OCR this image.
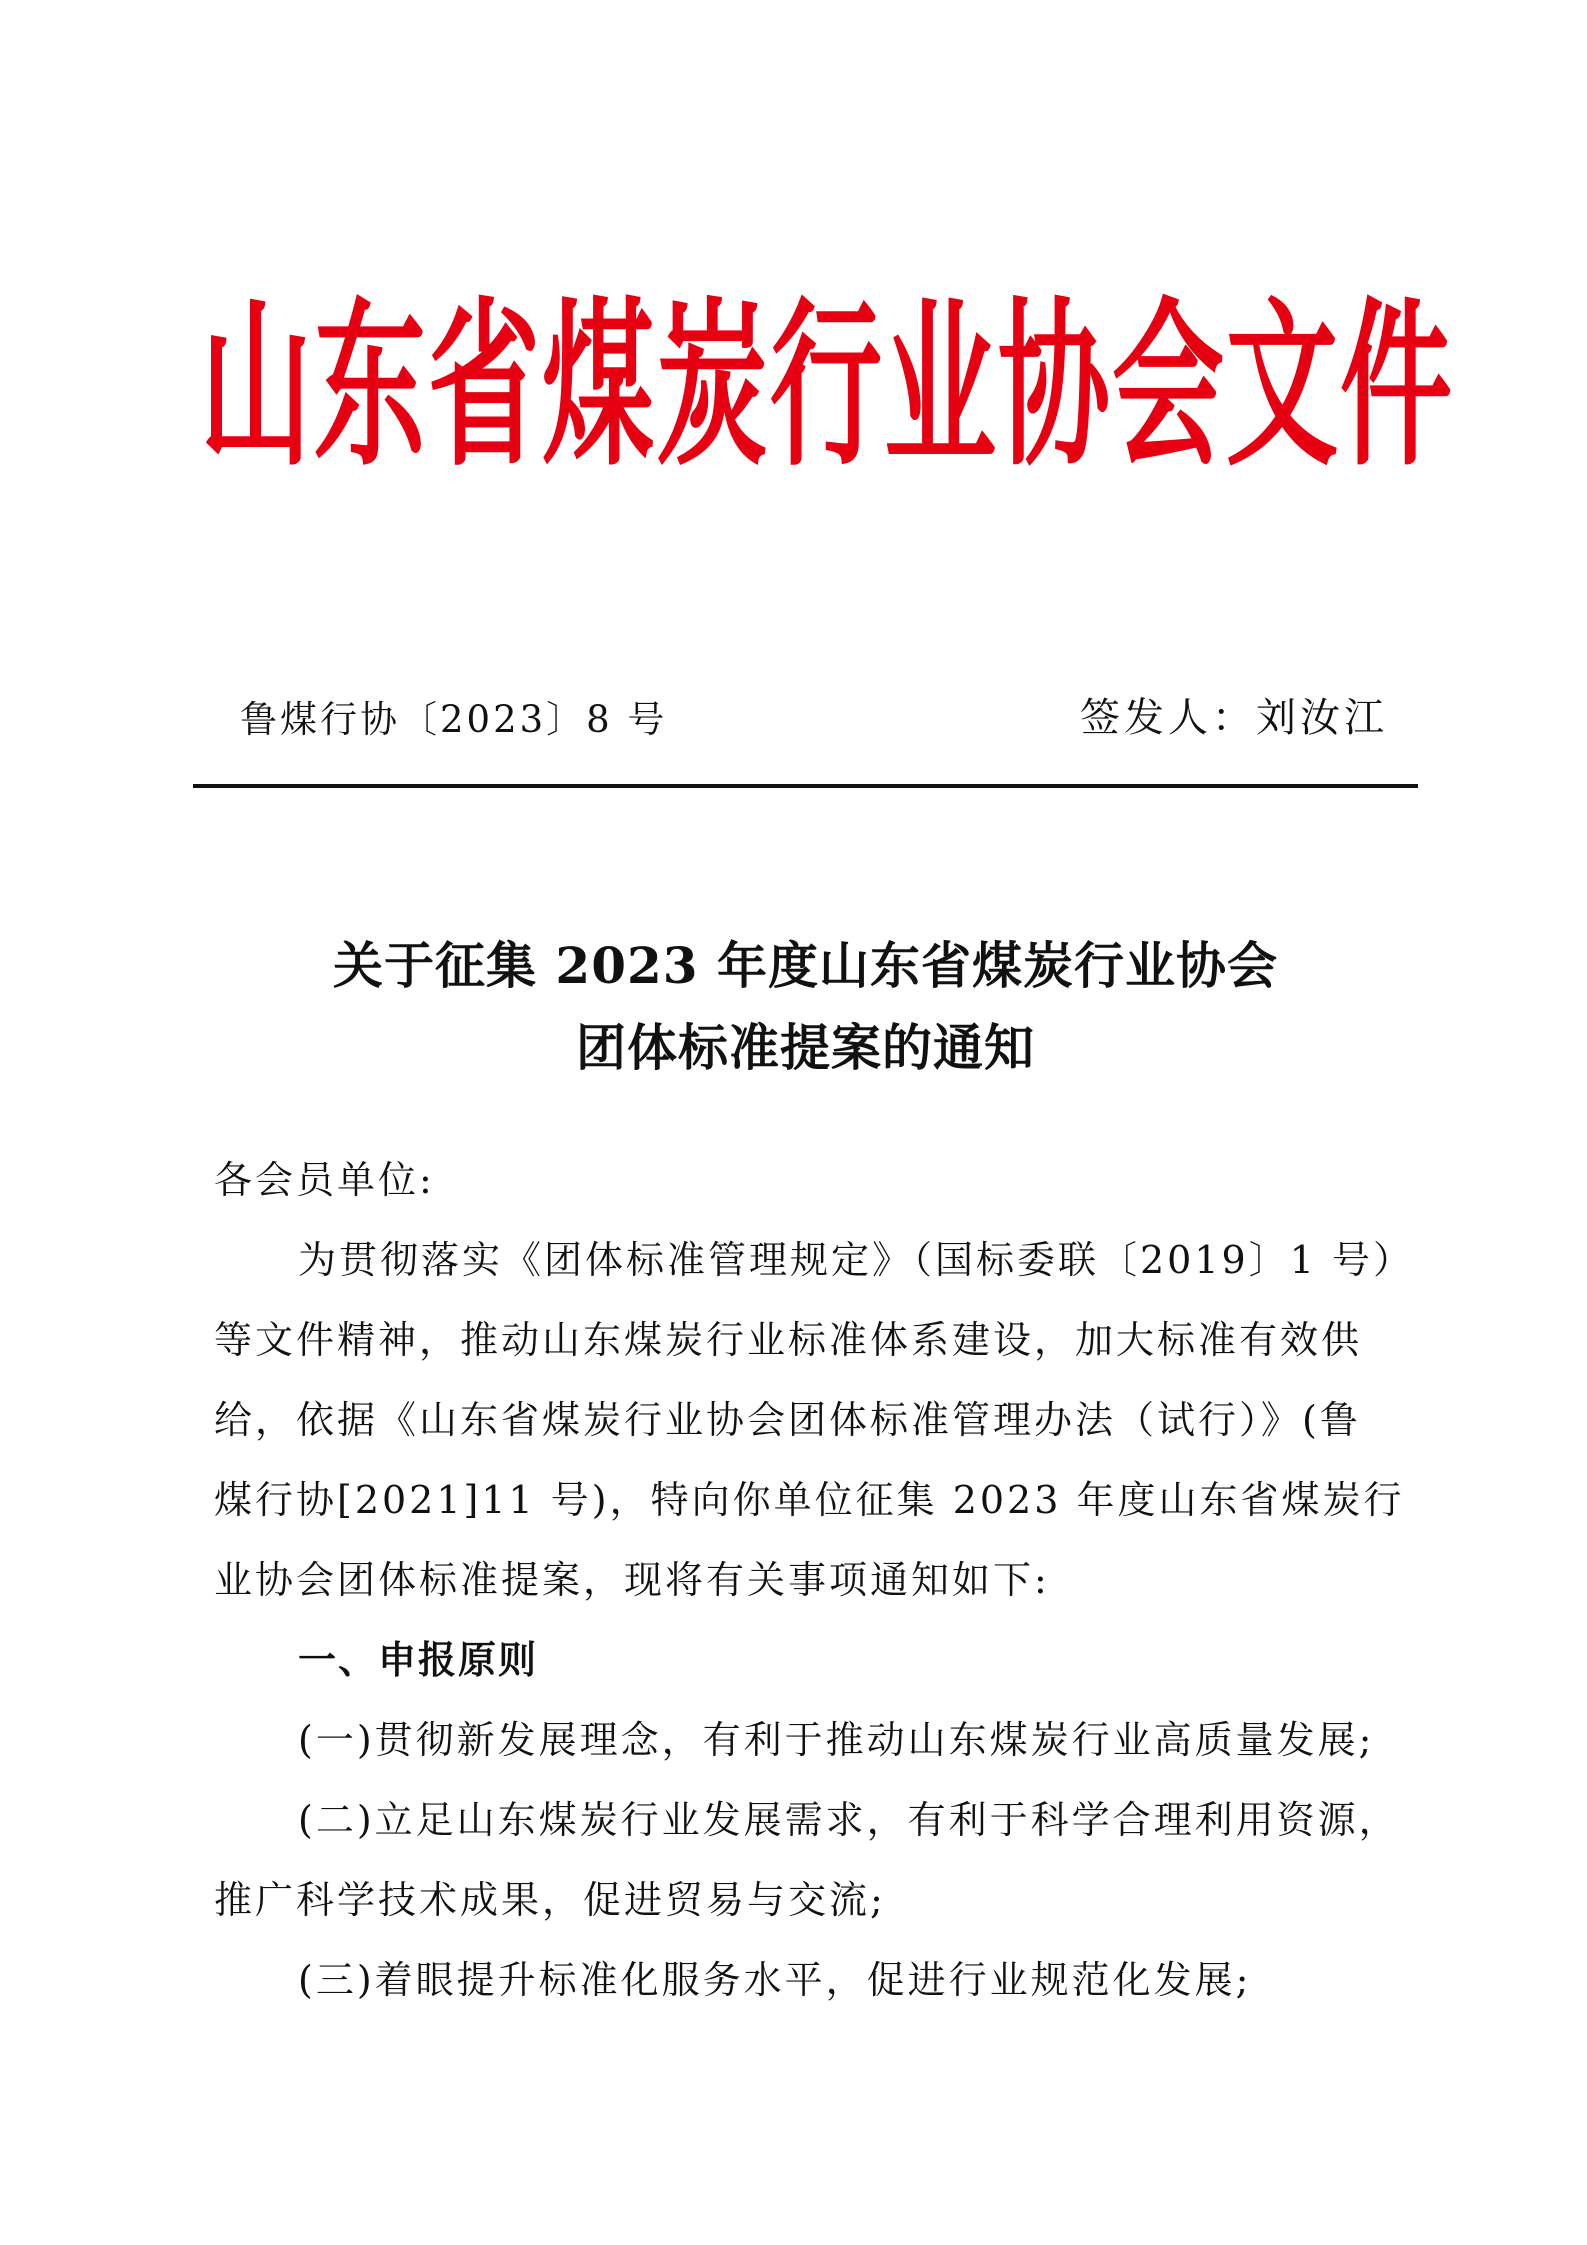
山东省煤炭行业协会文件
鲁煤行协〔2023〕8 号	签发人：刘汝江
关于征集 2023 年度山东省煤炭行业协会
团体标准提案的通知
各会员单位:
为贯彻落实《团体标准管理规定》（国标委联〔2019〕1 号）
等文件精神，推动山东煤炭行业标准体系建设，加大标准有效供
给，依据《山东省煤炭行业协会团体标准管理办法（试行）》(鲁
煤行协[2021]11 号)，特向你单位征集 2023 年度山东省煤炭行
业协会团体标准提案，现将有关事项通知如下:
一、申报原则
(一)贯彻新发展理念，有利于推动山东煤炭行业高质量发展;
(二)立足山东煤炭行业发展需求，有利于科学合理利用资源，
推广科学技术成果，促进贸易与交流;
(三)着眼提升标准化服务水平，促进行业规范化发展;
